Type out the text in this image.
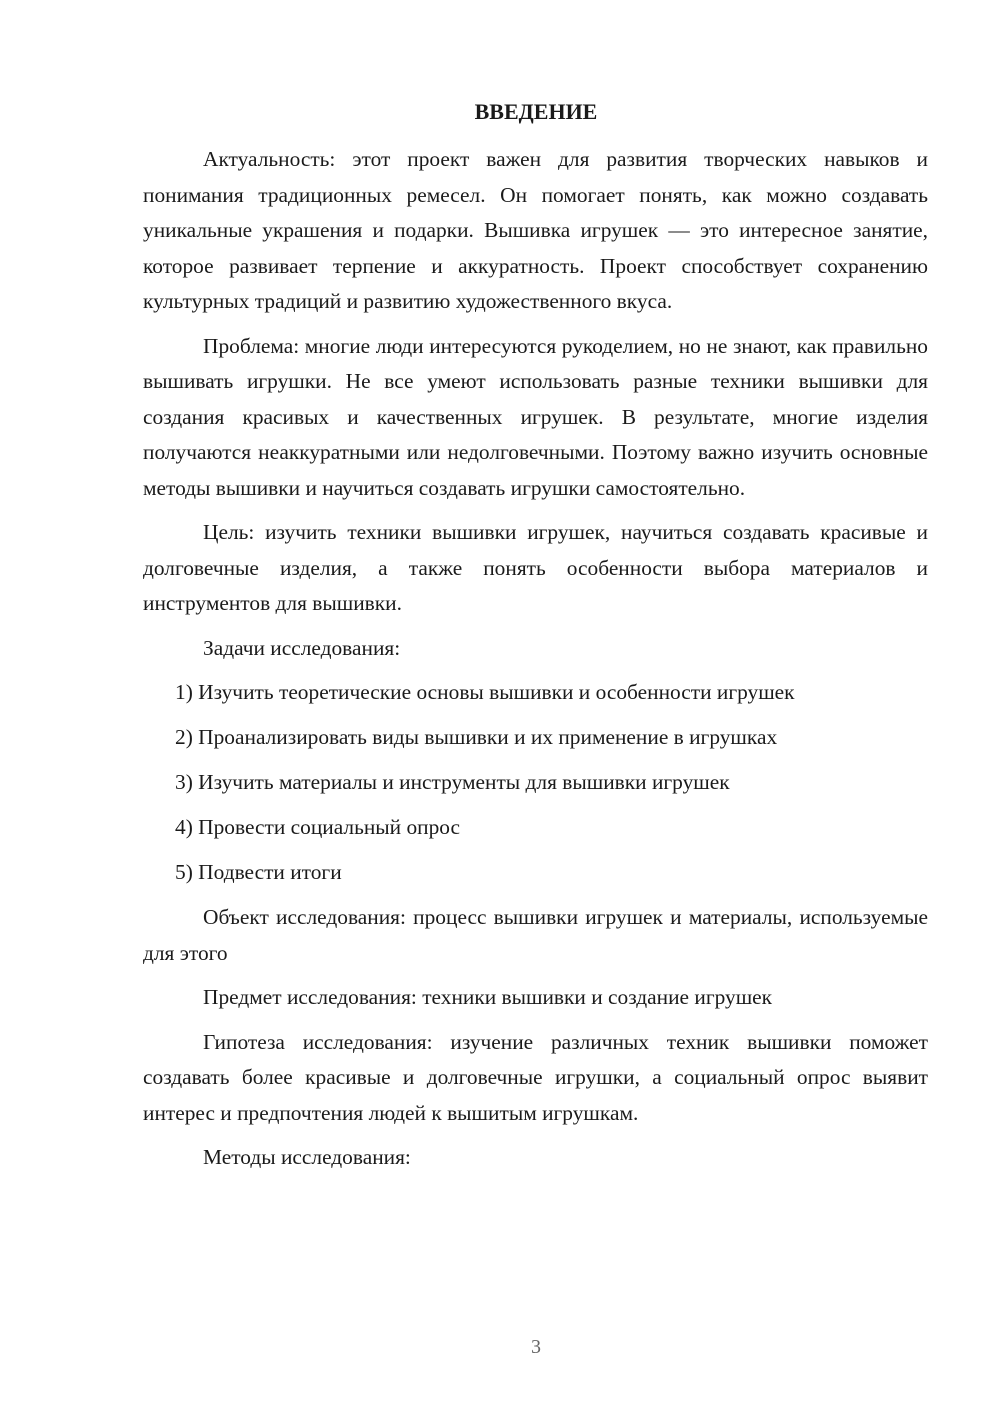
ВВЕДЕНИЕ

Актуальность: этот проект важен для развития творческих навыков и понимания традиционных ремесел. Он помогает понять, как можно создавать уникальные украшения и подарки. Вышивка игрушек — это интересное занятие, которое развивает терпение и аккуратность. Проект способствует сохранению культурных традиций и развитию художественного вкуса.

Проблема: многие люди интересуются рукоделием, но не знают, как правильно вышивать игрушки. Не все умеют использовать разные техники вышивки для создания красивых и качественных игрушек. В результате, многие изделия получаются неаккуратными или недолговечными. Поэтому важно изучить основные методы вышивки и научиться создавать игрушки самостоятельно.

Цель: изучить техники вышивки игрушек, научиться создавать красивые и долговечные изделия, а также понять особенности выбора материалов и инструментов для вышивки.

Задачи исследования:

1) Изучить теоретические основы вышивки и особенности игрушек
2) Проанализировать виды вышивки и их применение в игрушках
3) Изучить материалы и инструменты для вышивки игрушек
4) Провести социальный опрос
5) Подвести итоги

Объект исследования: процесс вышивки игрушек и материалы, используемые для этого

Предмет исследования: техники вышивки и создание игрушек

Гипотеза исследования: изучение различных техник вышивки поможет создавать более красивые и долговечные игрушки, а социальный опрос выявит интерес и предпочтения людей к вышитым игрушкам.

Методы исследования:

3
